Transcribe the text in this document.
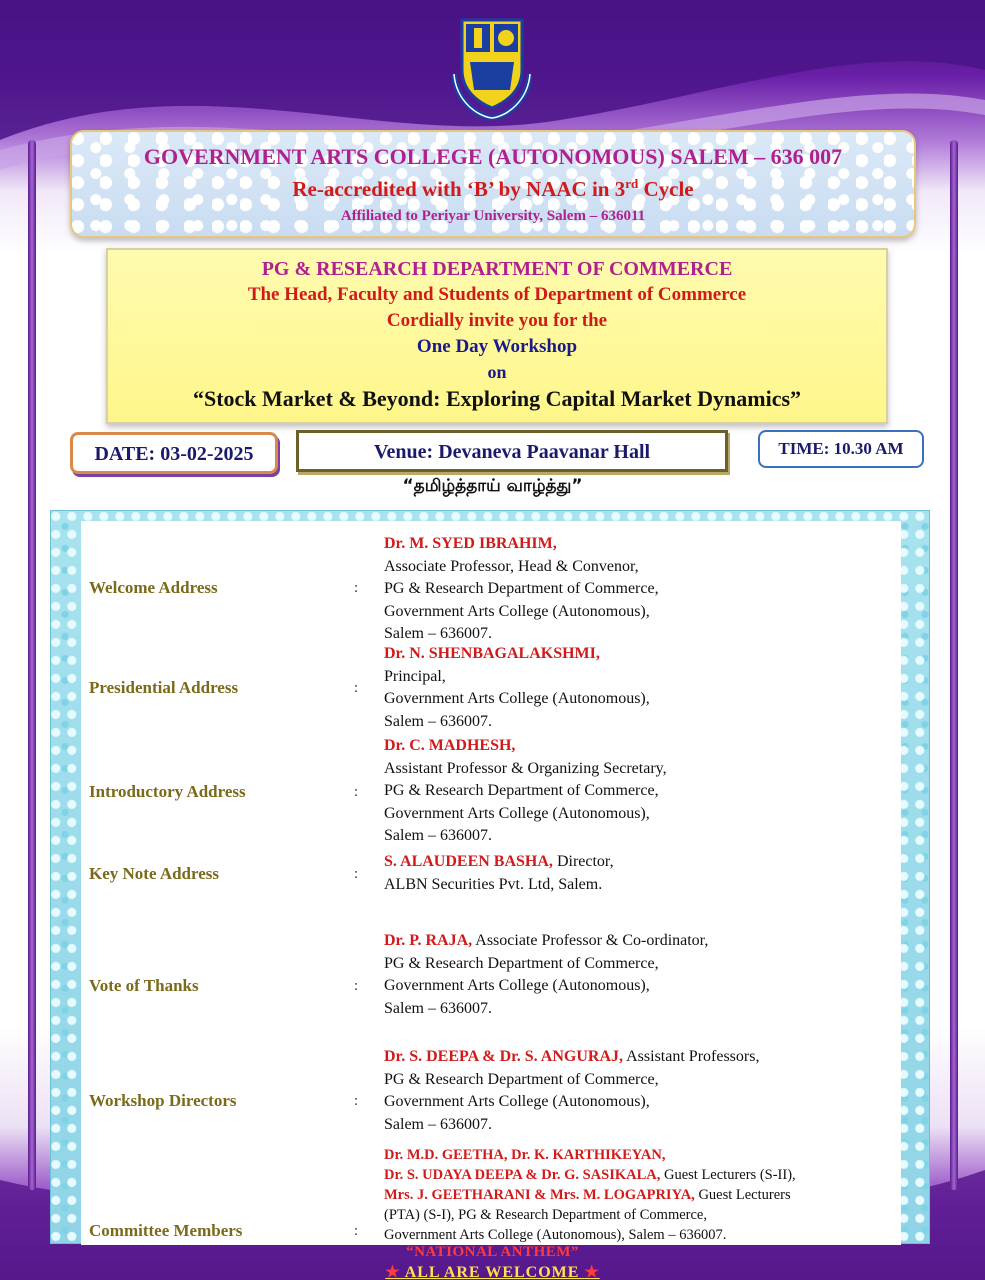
GOVERNMENT ARTS COLLEGE (AUTONOMOUS) SALEM – 636 007
Re-accredited with ‘B’ by NAAC in 3rd Cycle
Affiliated to Periyar University, Salem – 636011
PG & RESEARCH DEPARTMENT OF COMMERCE
The Head, Faculty and Students of Department of Commerce
Cordially invite you for the
One Day Workshop
on
“Stock Market & Beyond: Exploring Capital Market Dynamics”
DATE: 03-02-2025	Venue: Devaneva Paavanar Hall	TIME: 10.30 AM
“தமிழ்த்தாய் வாழ்த்து”
Welcome Address	:
Dr. M. SYED IBRAHIM,
Associate Professor, Head & Convenor,
PG & Research Department of Commerce,
Government Arts College (Autonomous),
Salem – 636007.
Presidential Address	:
Dr. N. SHENBAGALAKSHMI,
Principal,
Government Arts College (Autonomous),
Salem – 636007.
Introductory Address	:
Dr. C. MADHESH,
Assistant Professor & Organizing Secretary,
PG & Research Department of Commerce,
Government Arts College (Autonomous),
Salem – 636007.
Key Note Address	:
S. ALAUDEEN BASHA, Director,
ALBN Securities Pvt. Ltd, Salem.
Vote of Thanks	:
Dr. P. RAJA, Associate Professor & Co-ordinator,
PG & Research Department of Commerce,
Government Arts College (Autonomous),
Salem – 636007.
Workshop Directors	:
Dr. S. DEEPA & Dr. S. ANGURAJ, Assistant Professors,
PG & Research Department of Commerce,
Government Arts College (Autonomous),
Salem – 636007.
Committee Members	:
Dr. M.D. GEETHA, Dr. K. KARTHIKEYAN,
Dr. S. UDAYA DEEPA & Dr. G. SASIKALA, Guest Lecturers (S-II),
Mrs. J. GEETHARANI & Mrs. M. LOGAPRIYA, Guest Lecturers
(PTA) (S-I), PG & Research Department of Commerce,
Government Arts College (Autonomous), Salem – 636007.
“NATIONAL ANTHEM”
★ ALL ARE WELCOME ★
